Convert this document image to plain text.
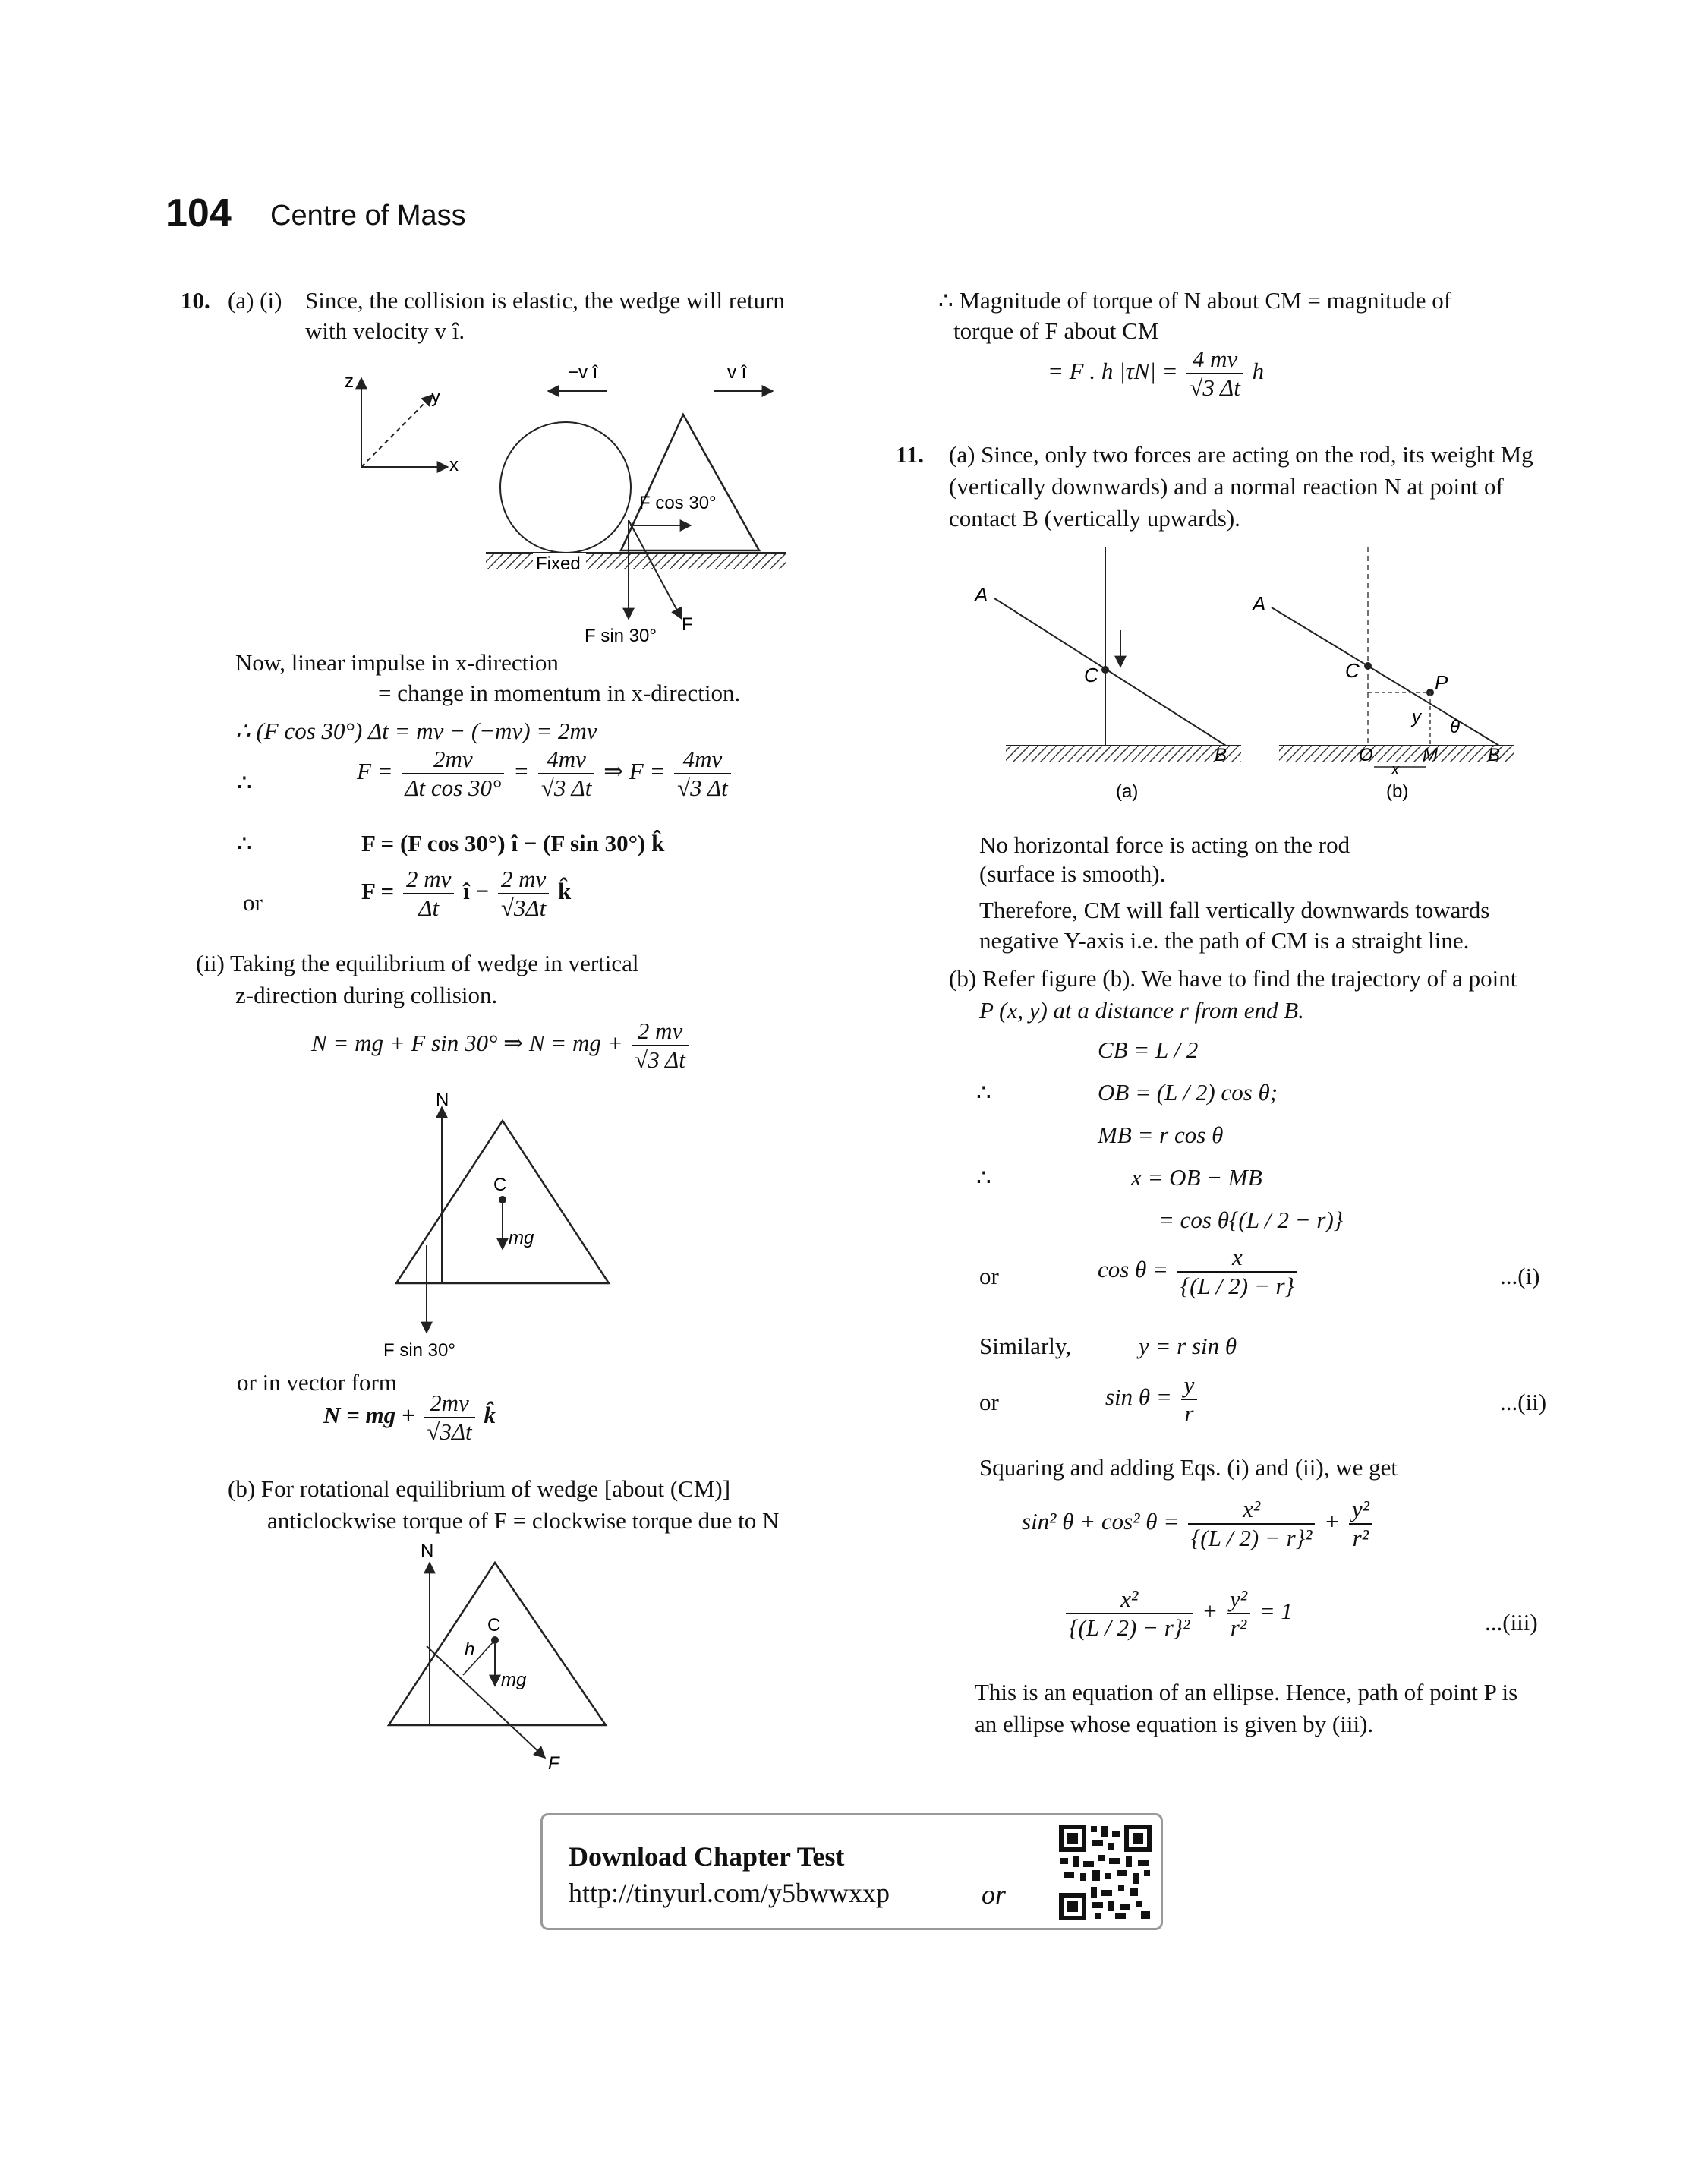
104 Centre of Mass
10. (a) (i) Since, the collision is elastic, the wedge will return
with velocity v î.
z
y
x
−v î	v î
Fixed
F cos 30°
F sin 30°
F
Now, linear impulse in x-direction
= change in momentum in x-direction.
∴ (F cos 30°) Δt = mv − (−mv) = 2mv
∴	$F = \frac{2mv}{\text{Δt cos 30°}} = \frac{4mv}{√3 \Delta t}$ ⇒ $F = \frac{4mv}{√3 \Delta t}$
∴	F = (F cos 30°) î − (F sin 30°) k̂
or	$F = \frac{2 mv}{\Delta t}$ î − $\frac{2 mv}{√3\Delta t}$ k̂
(ii) Taking the equilibrium of wedge in vertical
z-direction during collision.
N = mg + F sin 30° ⇒ N = mg + $\frac{2 mv}{√3 \Delta t}$
N
C
mg
F sin 30°
or in vector form
N = mg + $\frac{2mv}{√3\Delta t}$ k̂
(b) For rotational equilibrium of wedge [about (CM)]
anticlockwise torque of F = clockwise torque due to N
N
C
mg
F
h
∴ Magnitude of torque of N about CM = magnitude of
torque of F about CM
= F . h $|\tau N| = \frac{4 mv}{√3 \Delta t}$ h
11. (a) Since, only two forces are acting on the rod, its weight Mg
(vertically downwards) and a normal reaction N at point of
contact B (vertically upwards).
A
C
B
(a)
A
C
P
y θ
O	M	B
x
(b)
No horizontal force is acting on the rod
(surface is smooth).
Therefore, CM will fall vertically downwards towards
negative Y-axis i.e. the path of CM is a straight line.
(b) Refer figure (b). We have to find the trajectory of a point
P (x, y) at a distance r from end B.
CB = L / 2
∴	OB = (L / 2) cos θ;
MB = r cos θ
∴	x = OB − MB
= cos θ{(L / 2 − r)}
or	$\cos \theta = \frac{x}{\{(L / 2) - r\}}$	...(i)
Similarly,	y = r sin θ
or	$\sin \theta = \frac{y}{r}$	...(ii)
Squaring and adding Eqs. (i) and (ii), we get
sin² θ + cos² $\theta = \frac{\text{x²}}{\text{\{(L / 2) − r\}²}} + \frac{\text{y²}}{\text{r²}}$
$\frac{\text{x²}}{\text{\{(L / 2) − r\}²}} + \frac{\text{y²}}{\text{r²}} = 1$	...(iii)
This is an equation of an ellipse. Hence, path of point P is
an ellipse whose equation is given by (iii).
Download Chapter Test
http://tinyurl.com/y5bwwxxp	or
